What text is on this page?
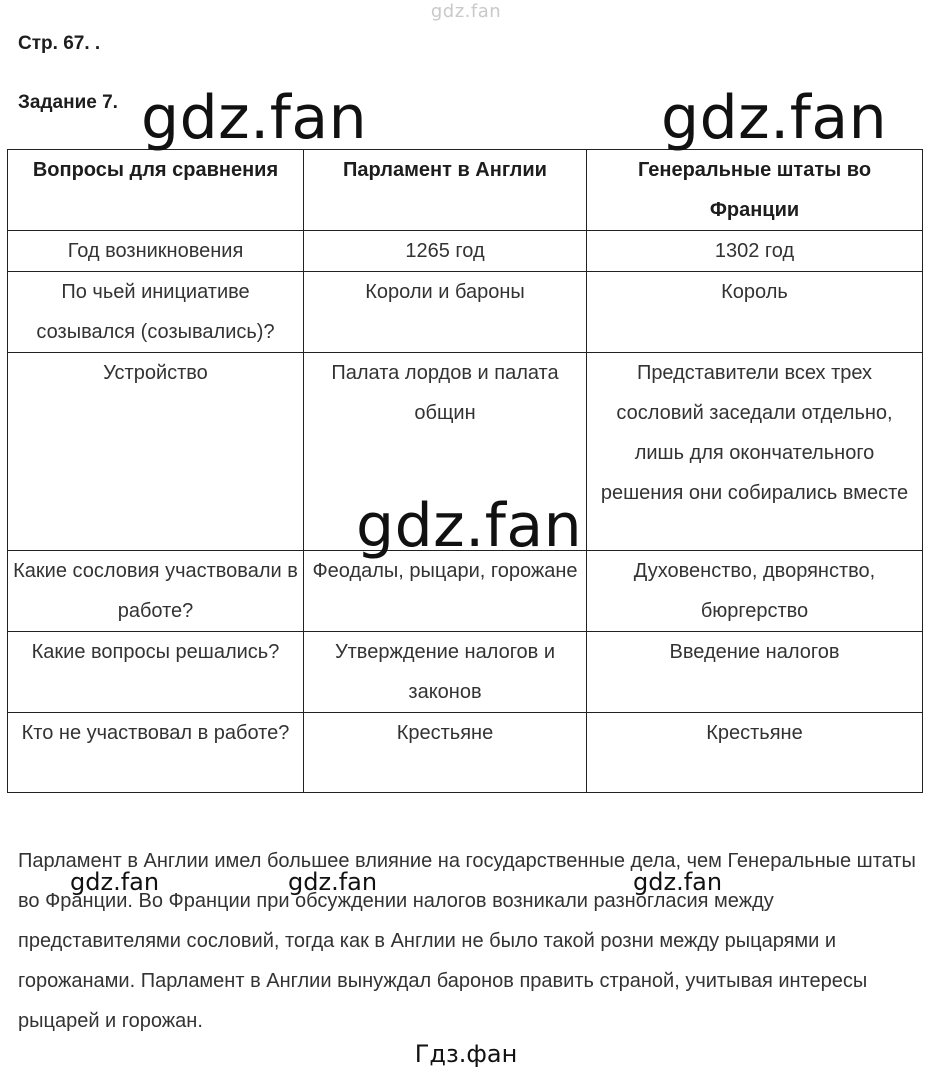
gdz.fan
Стр. 67. .
Задание 7.
Вопросы для сравнения	Парламент в Англии	Генеральные штаты во Франции
Год возникновения	1265 год	1302 год
По чьей инициативе созывался (созывались)?	Короли и бароны	Король
Устройство	Палата лордов и палата общин	Представители всех трех сословий заседали отдельно, лишь для окончательного решения они собирались вместе
Какие сословия участвовали в работе?	Феодалы, рыцари, горожане	Духовенство, дворянство, бюргерство
Какие вопросы решались?	Утверждение налогов и законов	Введение налогов
Кто не участвовал в работе?	Крестьяне	Крестьяне
Парламент в Англии имел большее влияние на государственные дела, чем Генеральные штаты во Франции. Во Франции при обсуждении налогов возникали разногласия между представителями сословий, тогда как в Англии не было такой розни между рыцарями и горожанами. Парламент в Англии вынуждал баронов править страной, учитывая интересы рыцарей и горожан.
gdz.fan	gdz.fan
gdz.fan
gdz.fan	gdz.fan	gdz.fan
Гдз.фан
